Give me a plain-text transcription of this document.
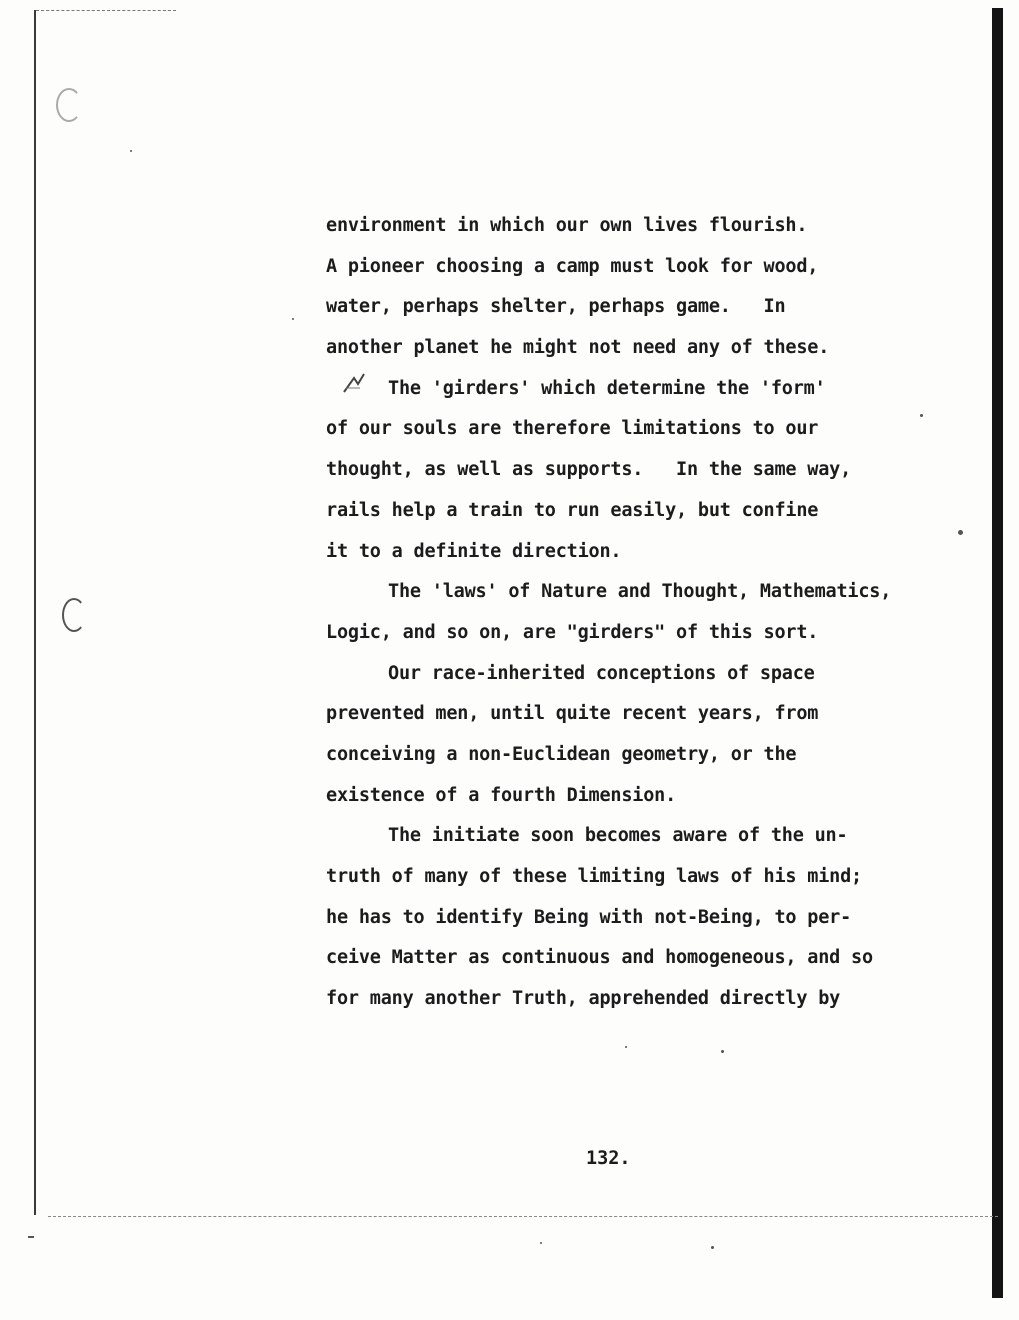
environment in which our own lives flourish.
A pioneer choosing a camp must look for wood,
water, perhaps shelter, perhaps game.   In
another planet he might not need any of these.
The 'girders' which determine the 'form'
of our souls are therefore limitations to our
thought, as well as supports.   In the same way,
rails help a train to run easily, but confine
it to a definite direction.
The 'laws' of Nature and Thought, Mathematics,
Logic, and so on, are "girders" of this sort.
Our race-inherited conceptions of space
prevented men, until quite recent years, from
conceiving a non-Euclidean geometry, or the
existence of a fourth Dimension.
The initiate soon becomes aware of the un-
truth of many of these limiting laws of his mind;
he has to identify Being with not-Being, to per-
ceive Matter as continuous and homogeneous, and so
for many another Truth, apprehended directly by
132.
